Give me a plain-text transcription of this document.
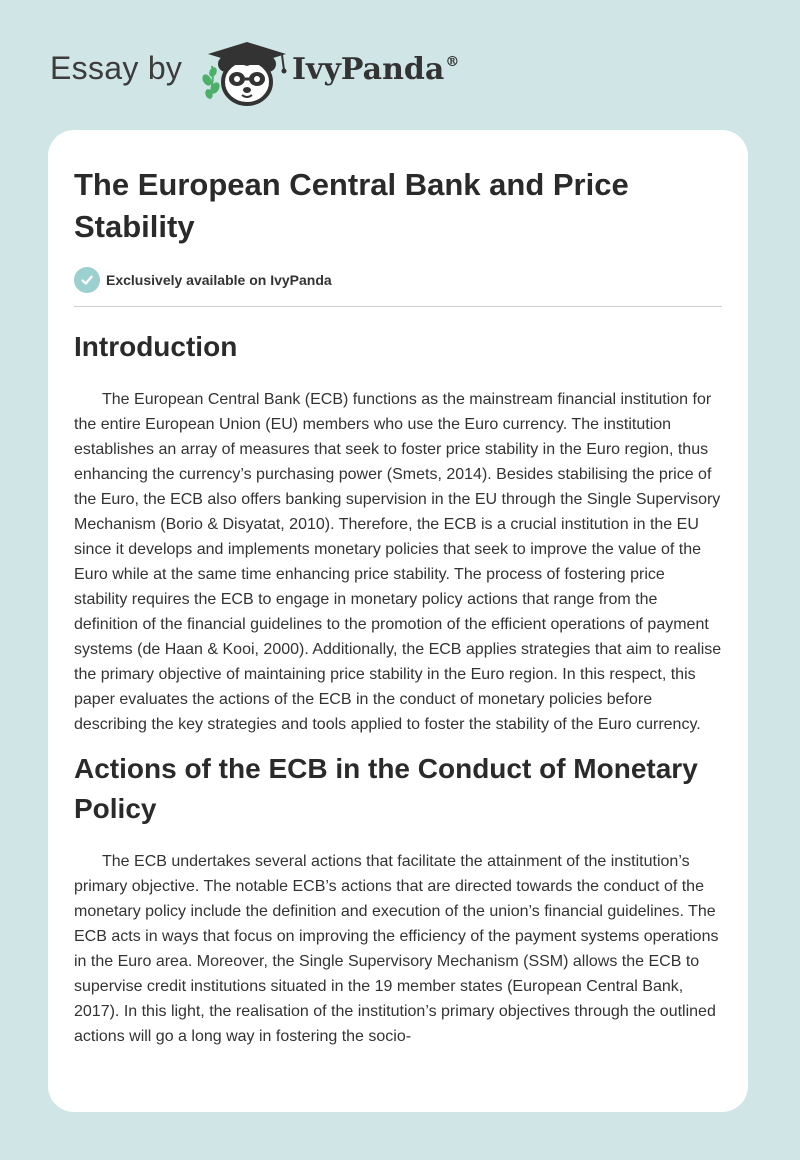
Essay by	IvyPanda®
The European Central Bank and Price Stability
Exclusively available on IvyPanda
Introduction

The European Central Bank (ECB) functions as the mainstream financial institution for the entire European Union (EU) members who use the Euro currency. The institution establishes an array of measures that seek to foster price stability in the Euro region, thus enhancing the currency’s purchasing power (Smets, 2014). Besides stabilising the price of the Euro, the ECB also offers banking supervision in the EU through the Single Supervisory Mechanism (Borio & Disyatat, 2010). Therefore, the ECB is a crucial institution in the EU since it develops and implements monetary policies that seek to improve the value of the Euro while at the same time enhancing price stability. The process of fostering price stability requires the ECB to engage in monetary policy actions that range from the definition of the financial guidelines to the promotion of the efficient operations of payment systems (de Haan & Kooi, 2000). Additionally, the ECB applies strategies that aim to realise the primary objective of maintaining price stability in the Euro region. In this respect, this paper evaluates the actions of the ECB in the conduct of monetary policies before describing the key strategies and tools applied to foster the stability of the Euro currency.

Actions of the ECB in the Conduct of Monetary Policy

The ECB undertakes several actions that facilitate the attainment of the institution’s primary objective. The notable ECB’s actions that are directed towards the conduct of the monetary policy include the definition and execution of the union’s financial guidelines. The ECB acts in ways that focus on improving the efficiency of the payment systems operations in the Euro area. Moreover, the Single Supervisory Mechanism (SSM) allows the ECB to supervise credit institutions situated in the 19 member states (European Central Bank, 2017). In this light, the realisation of the institution’s primary objectives through the outlined actions will go a long way in fostering the socio-
